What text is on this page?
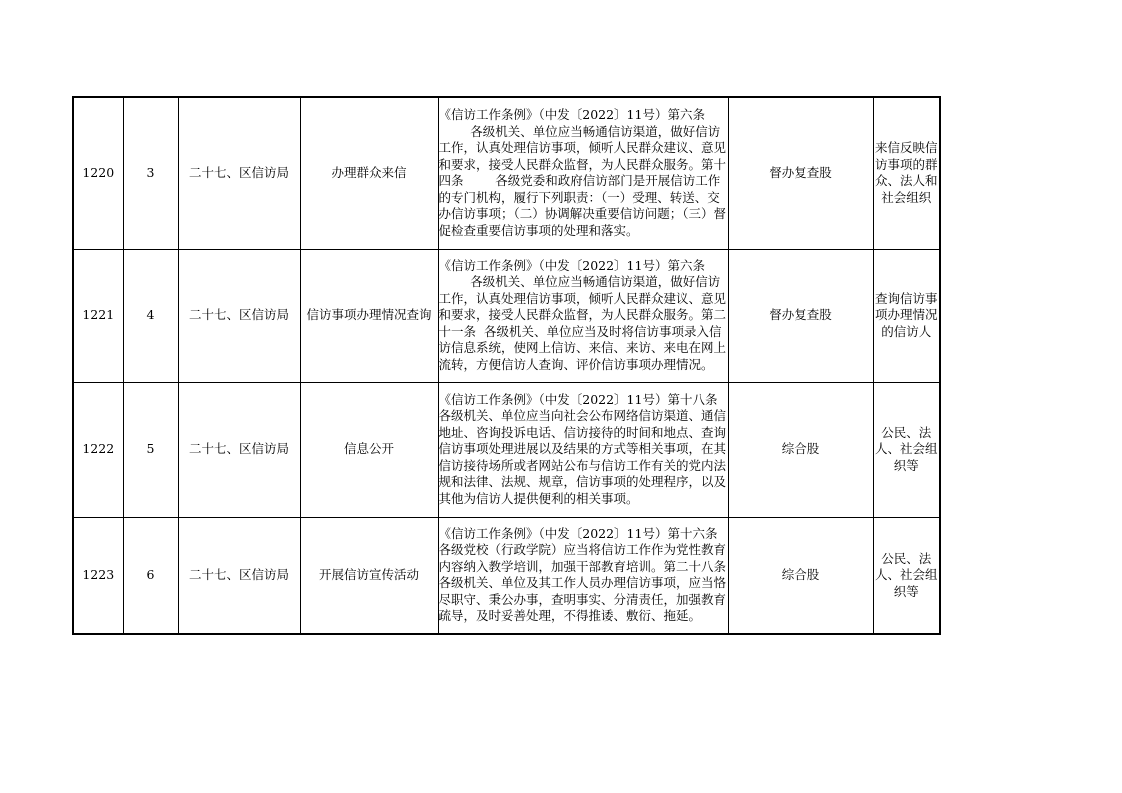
1220	3	二十七、区信访局	办理群众来信	《信访工作条例》（中发〔2022〕11号）第六条
各级机关、单位应当畅通信访渠道，做好信访工作，认真处理信访事项，倾听人民群众建议、意见和要求，接受人民群众监督，为人民群众服务。第十四条        各级党委和政府信访部门是开展信访工作的专门机构，履行下列职责：（一）受理、转送、交办信访事项；（二）协调解决重要信访问题；（三）督促检查重要信访事项的处理和落实。	督办复查股	来信反映信访事项的群众、法人和社会组织
1221	4	二十七、区信访局	信访事项办理情况查询	《信访工作条例》（中发〔2022〕11号）第六条
各级机关、单位应当畅通信访渠道，做好信访工作，认真处理信访事项，倾听人民群众建议、意见和要求，接受人民群众监督，为人民群众服务。第二十一条  各级机关、单位应当及时将信访事项录入信访信息系统，使网上信访、来信、来访、来电在网上流转，方便信访人查询、评价信访事项办理情况。	督办复查股	查询信访事项办理情况的信访人
1222	5	二十七、区信访局	信息公开	《信访工作条例》（中发〔2022〕11号）第十八条        各级机关、单位应当向社会公布网络信访渠道、通信地址、咨询投诉电话、信访接待的时间和地点、查询信访事项处理进展以及结果的方式等相关事项，在其信访接待场所或者网站公布与信访工作有关的党内法规和法律、法规、规章，信访事项的处理程序，以及其他为信访人提供便利的相关事项。	综合股	公民、法人、社会组织等
1223	6	二十七、区信访局	开展信访宣传活动	《信访工作条例》（中发〔2022〕11号）第十六条    各级党校（行政学院）应当将信访工作作为党性教育内容纳入教学培训，加强干部教育培训。第二十八条        各级机关、单位及其工作人员办理信访事项，应当恪尽职守、秉公办事，查明事实、分清责任，加强教育疏导，及时妥善处理，不得推诿、敷衍、拖延。	综合股	公民、法人、社会组织等
